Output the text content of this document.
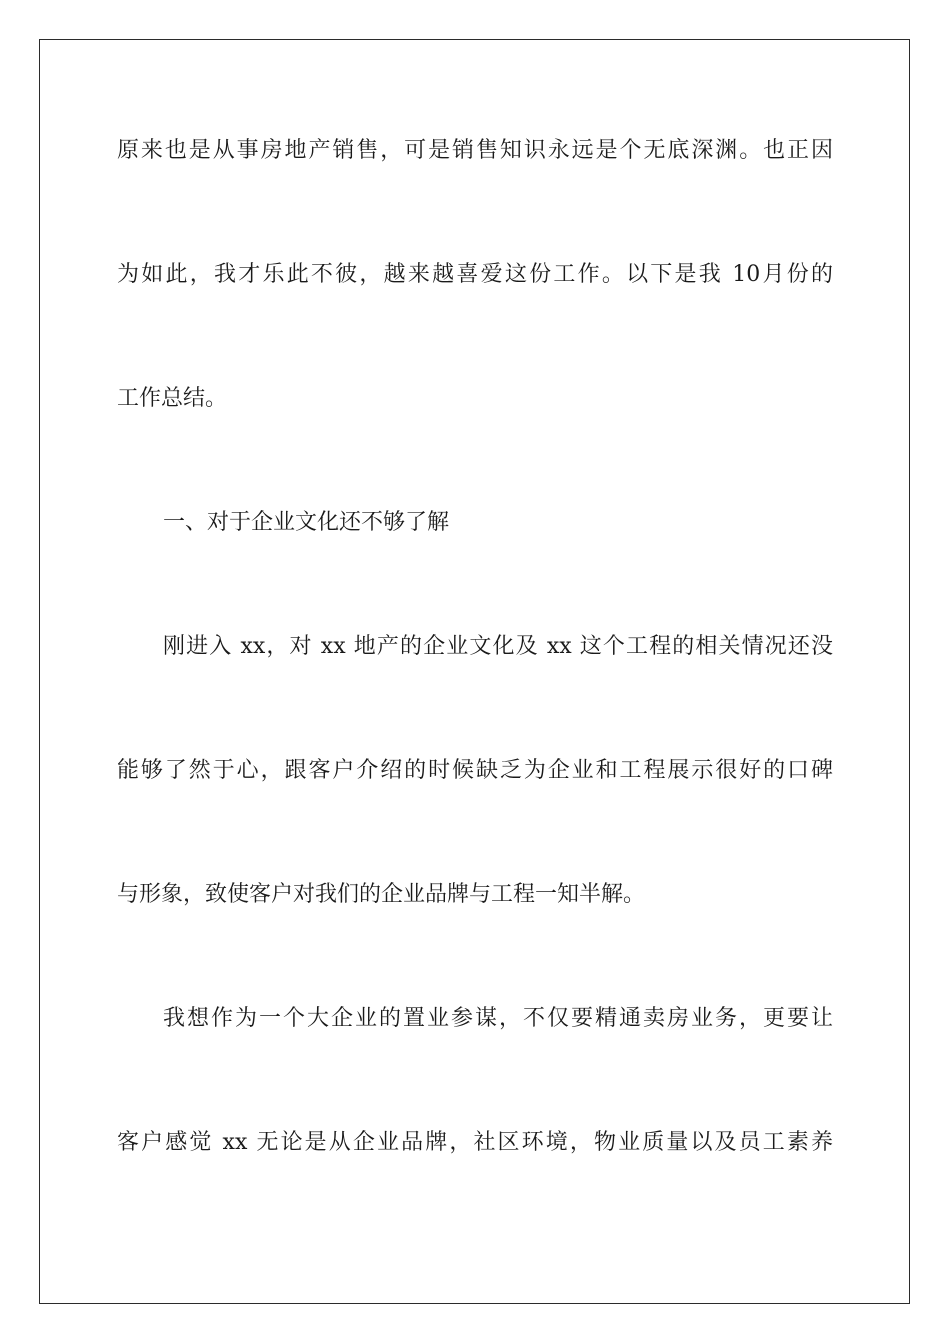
原来也是从事房地产销售，可是销售知识永远是个无底深渊。也正因

为如此，我才乐此不彼，越来越喜爱这份工作。以下是我 10月份的

工作总结。

一、对于企业文化还不够了解

刚进入 xx，对 xx 地产的企业文化及 xx 这个工程的相关情况还没

能够了然于心，跟客户介绍的时候缺乏为企业和工程展示很好的口碑

与形象，致使客户对我们的企业品牌与工程一知半解。

我想作为一个大企业的置业参谋，不仅要精通卖房业务，更要让

客户感觉 xx 无论是从企业品牌，社区环境，物业质量以及员工素养
